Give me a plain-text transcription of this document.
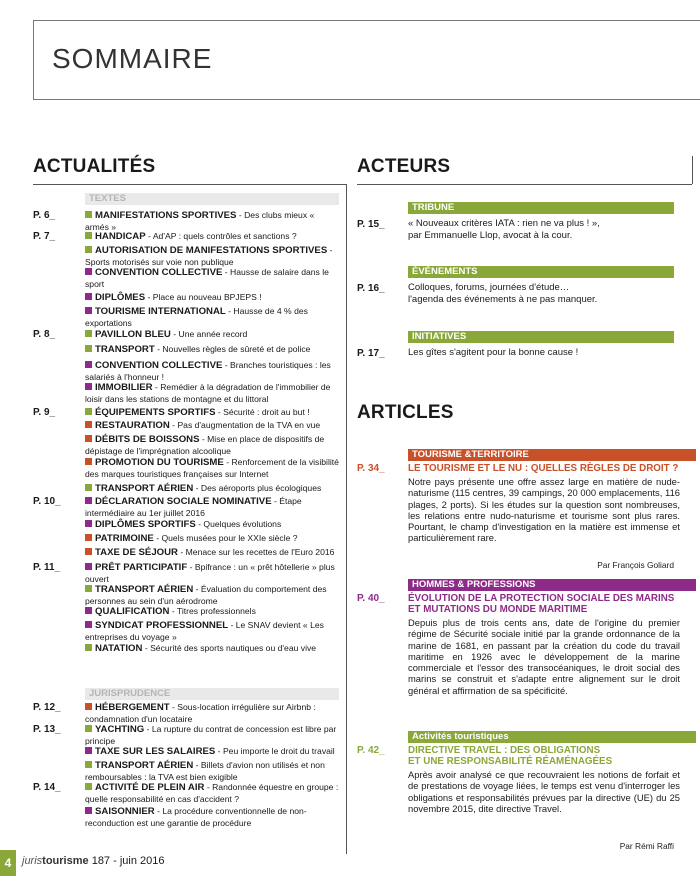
SOMMAIRE
ACTUALITÉS
TEXTES
P. 6_	MANIFESTATIONS SPORTIVES - Des clubs mieux « armés »
P. 7_	HANDICAP - Ad'AP : quels contrôles et sanctions ?
AUTORISATION DE MANIFESTATIONS SPORTIVES - Sports motorisés sur voie non publique
CONVENTION COLLECTIVE - Hausse de salaire dans le sport
DIPLÔMES - Place au nouveau BPJEPS !
TOURISME INTERNATIONAL - Hausse de 4 % des exportations
P. 8_	PAVILLON BLEU - Une année record
TRANSPORT - Nouvelles règles de sûreté et de police
CONVENTION COLLECTIVE - Branches touristiques : les salariés à l'honneur !
IMMOBILIER - Remédier à la dégradation de l'immobilier de loisir dans les stations de montagne et du littoral
P. 9_	ÉQUIPEMENTS SPORTIFS - Sécurité : droit au but !
RESTAURATION - Pas d'augmentation de la TVA en vue
DÉBITS DE BOISSONS - Mise en place de dispositifs de dépistage de l'imprégnation alcoolique
PROMOTION DU TOURISME - Renforcement de la visibilité des marques touristiques françaises sur Internet
TRANSPORT AÉRIEN - Des aéroports plus écologiques
P. 10_	DÉCLARATION SOCIALE NOMINATIVE - Étape intermédiaire au 1er juillet 2016
DIPLÔMES SPORTIFS - Quelques évolutions
PATRIMOINE - Quels musées pour le XXIe siècle ?
TAXE DE SÉJOUR - Menace sur les recettes de l'Euro 2016
P. 11_	PRÊT PARTICIPATIF - Bpifrance : un « prêt hôtellerie » plus ouvert
TRANSPORT AÉRIEN - Évaluation du comportement des personnes au sein d'un aérodrome
QUALIFICATION - Titres professionnels
SYNDICAT PROFESSIONNEL - Le SNAV devient « Les entreprises du voyage »
NATATION - Sécurité des sports nautiques ou d'eau vive
JURISPRUDENCE
P. 12_	HÉBERGEMENT - Sous-location irrégulière sur Airbnb : condamnation d'un locataire
P. 13_	YACHTING - La rupture du contrat de concession est libre par principe
TAXE SUR LES SALAIRES - Peu importe le droit du travail
TRANSPORT AÉRIEN - Billets d'avion non utilisés et non remboursables : la TVA est bien exigible
P. 14_	ACTIVITÉ DE PLEIN AIR - Randonnée équestre en groupe : quelle responsabilité en cas d'accident ?
SAISONNIER - La procédure conventionnelle de non-reconduction est une garantie de procédure
ACTEURS
TRIBUNE
P. 15_ « Nouveaux critères IATA : rien ne va plus ! »,
par Emmanuelle Llop, avocat à la cour.
ÉVÉNEMENTS
P. 16_ Colloques, forums, journées d'étude…
l'agenda des événements à ne pas manquer.
INITIATIVES
P. 17_ Les gîtes s'agitent pour la bonne cause !
ARTICLES
TOURISME &TERRITOIRE
P. 34_ LE TOURISME ET LE NU : QUELLES RÈGLES DE DROIT ?
Notre pays présente une offre assez large en matière de nude-naturisme (115 centres, 39 campings, 20 000 emplacements, 116 plages, 2 ports). Si les études sur la question sont nombreuses, les relations entre nudo-naturisme et tourisme sont plus rares. Pourtant, le champ d'investigation en la matière est immense et particulièrement rare.
Par François Goliard
HOMMES & PROFESSIONS
P. 40_ ÉVOLUTION DE LA PROTECTION SOCIALE DES MARINS
ET MUTATIONS DU MONDE MARITIME
Depuis plus de trois cents ans, date de l'origine du premier régime de Sécurité sociale initié par la grande ordonnance de la marine de 1681, en passant par la création du code du travail maritime en 1926 avec le développement de la marine commerciale et l'essor des transocéaniques, le droit social des marins se construit et s'adapte entre alignement sur le droit général et affirmation de sa spécificité.
Activités touristiques
P. 42_ DIRECTIVE TRAVEL : DES OBLIGATIONS
ET UNE RESPONSABILITÉ RÉAMÉNAGÉES
Après avoir analysé ce que recouvraient les notions de forfait et de prestations de voyage liées, le temps est venu d'interroger les obligations et responsabilités prévues par la directive (UE) du 25 novembre 2015, dite directive Travel.
Par Rémi Raffi
4 juristourisme 187 - juin 2016
